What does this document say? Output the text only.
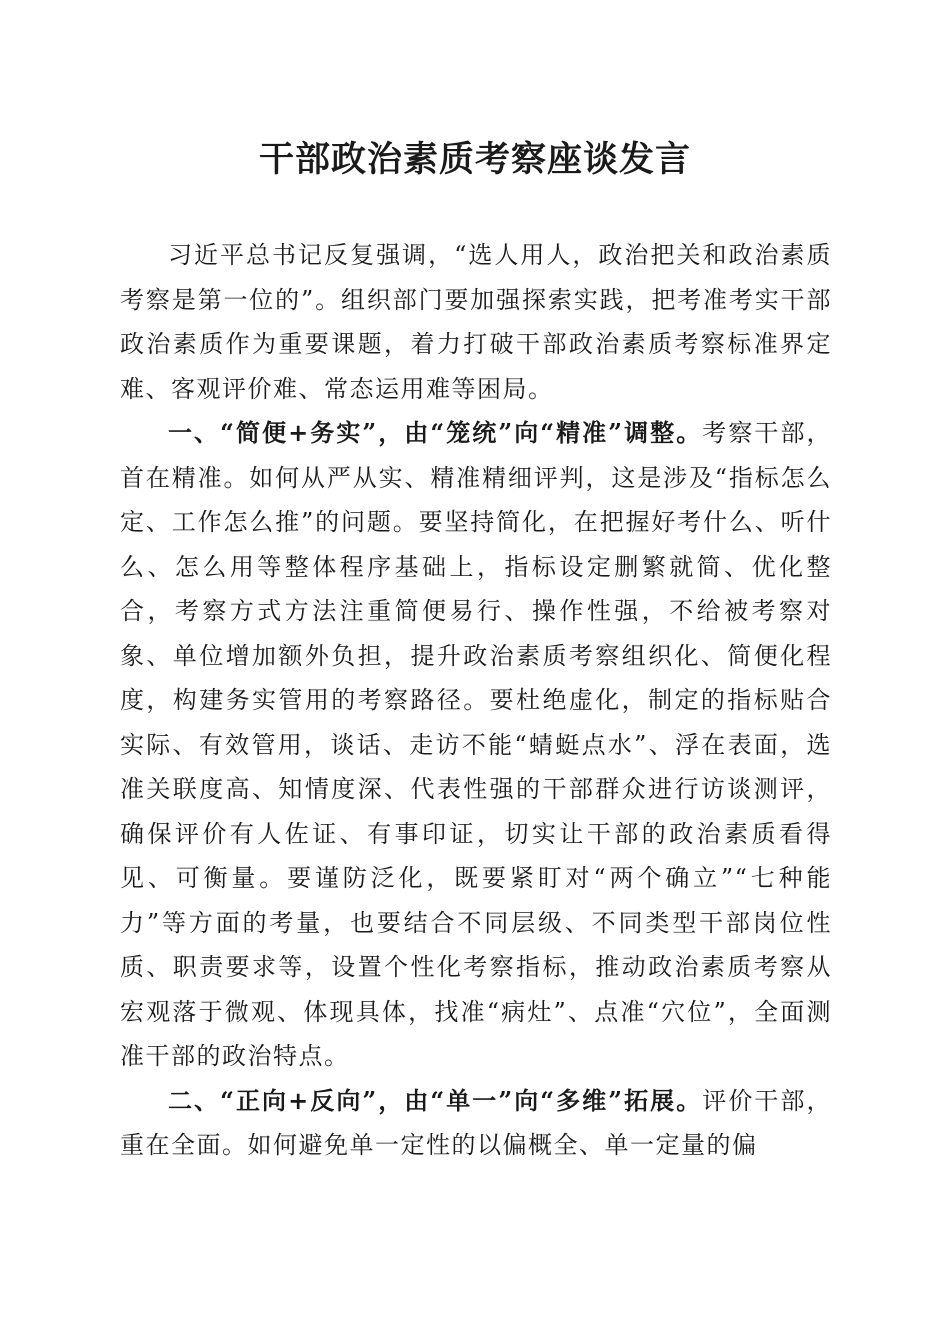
干部政治素质考察座谈发言

习近平总书记反复强调，“选人用人，政治把关和政治素质考察是第一位的”。组织部门要加强探索实践，把考准考实干部政治素质作为重要课题，着力打破干部政治素质考察标准界定难、客观评价难、常态运用难等困局。

一、“简便+务实”，由“笼统”向“精准”调整。考察干部，首在精准。如何从严从实、精准精细评判，这是涉及“指标怎么定、工作怎么推”的问题。要坚持简化，在把握好考什么、听什么、怎么用等整体程序基础上，指标设定删繁就简、优化整合，考察方式方法注重简便易行、操作性强，不给被考察对象、单位增加额外负担，提升政治素质考察组织化、简便化程度，构建务实管用的考察路径。要杜绝虚化，制定的指标贴合实际、有效管用，谈话、走访不能“蜻蜓点水”、浮在表面，选准关联度高、知情度深、代表性强的干部群众进行访谈测评，确保评价有人佐证、有事印证，切实让干部的政治素质看得见、可衡量。要谨防泛化，既要紧盯对“两个确立”“七种能力”等方面的考量，也要结合不同层级、不同类型干部岗位性质、职责要求等，设置个性化考察指标，推动政治素质考察从宏观落于微观、体现具体，找准“病灶”、点准“穴位”，全面测准干部的政治特点。

二、“正向+反向”，由“单一”向“多维”拓展。评价干部，重在全面。如何避免单一定性的以偏概全、单一定量的偏
